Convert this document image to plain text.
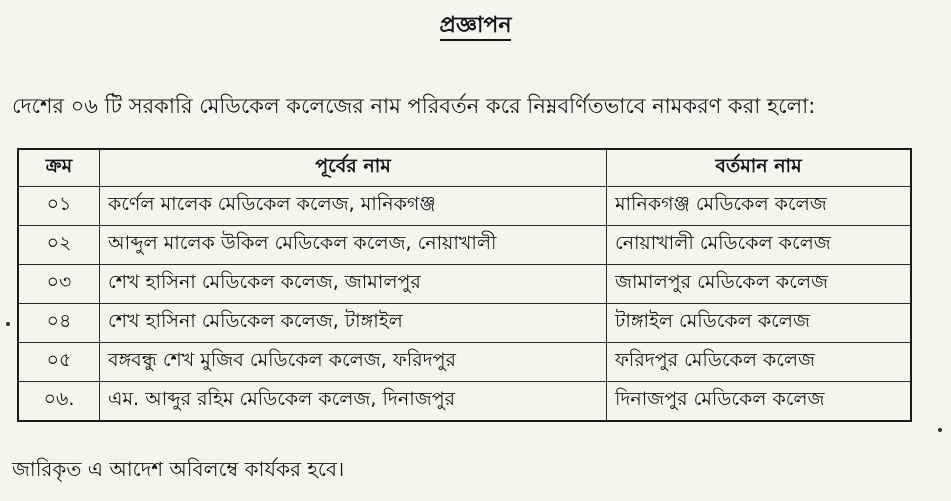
প্রজ্ঞাপন
দেশের ০৬ টি সরকারি মেডিকেল কলেজের নাম পরিবর্তন করে নিম্নবর্ণিতভাবে নামকরণ করা হলো:
ক্রম	পূর্বের নাম	বর্তমান নাম
০১	কর্ণেল মালেক মেডিকেল কলেজ, মানিকগঞ্জ	মানিকগঞ্জ মেডিকেল কলেজ
০২	আব্দুল মালেক উকিল মেডিকেল কলেজ, নোয়াখালী	নোয়াখালী মেডিকেল কলেজ
০৩	শেখ হাসিনা মেডিকেল কলেজ, জামালপুর	জামালপুর মেডিকেল কলেজ
০৪	শেখ হাসিনা মেডিকেল কলেজ, টাঙ্গাইল	টাঙ্গাইল মেডিকেল কলেজ
০৫	বঙ্গবন্ধু শেখ মুজিব মেডিকেল কলেজ, ফরিদপুর	ফরিদপুর মেডিকেল কলেজ
০৬.	এম. আব্দুর রহিম মেডিকেল কলেজ, দিনাজপুর	দিনাজপুর মেডিকেল কলেজ
জারিকৃত এ আদেশ অবিলম্বে কার্যকর হবে।
